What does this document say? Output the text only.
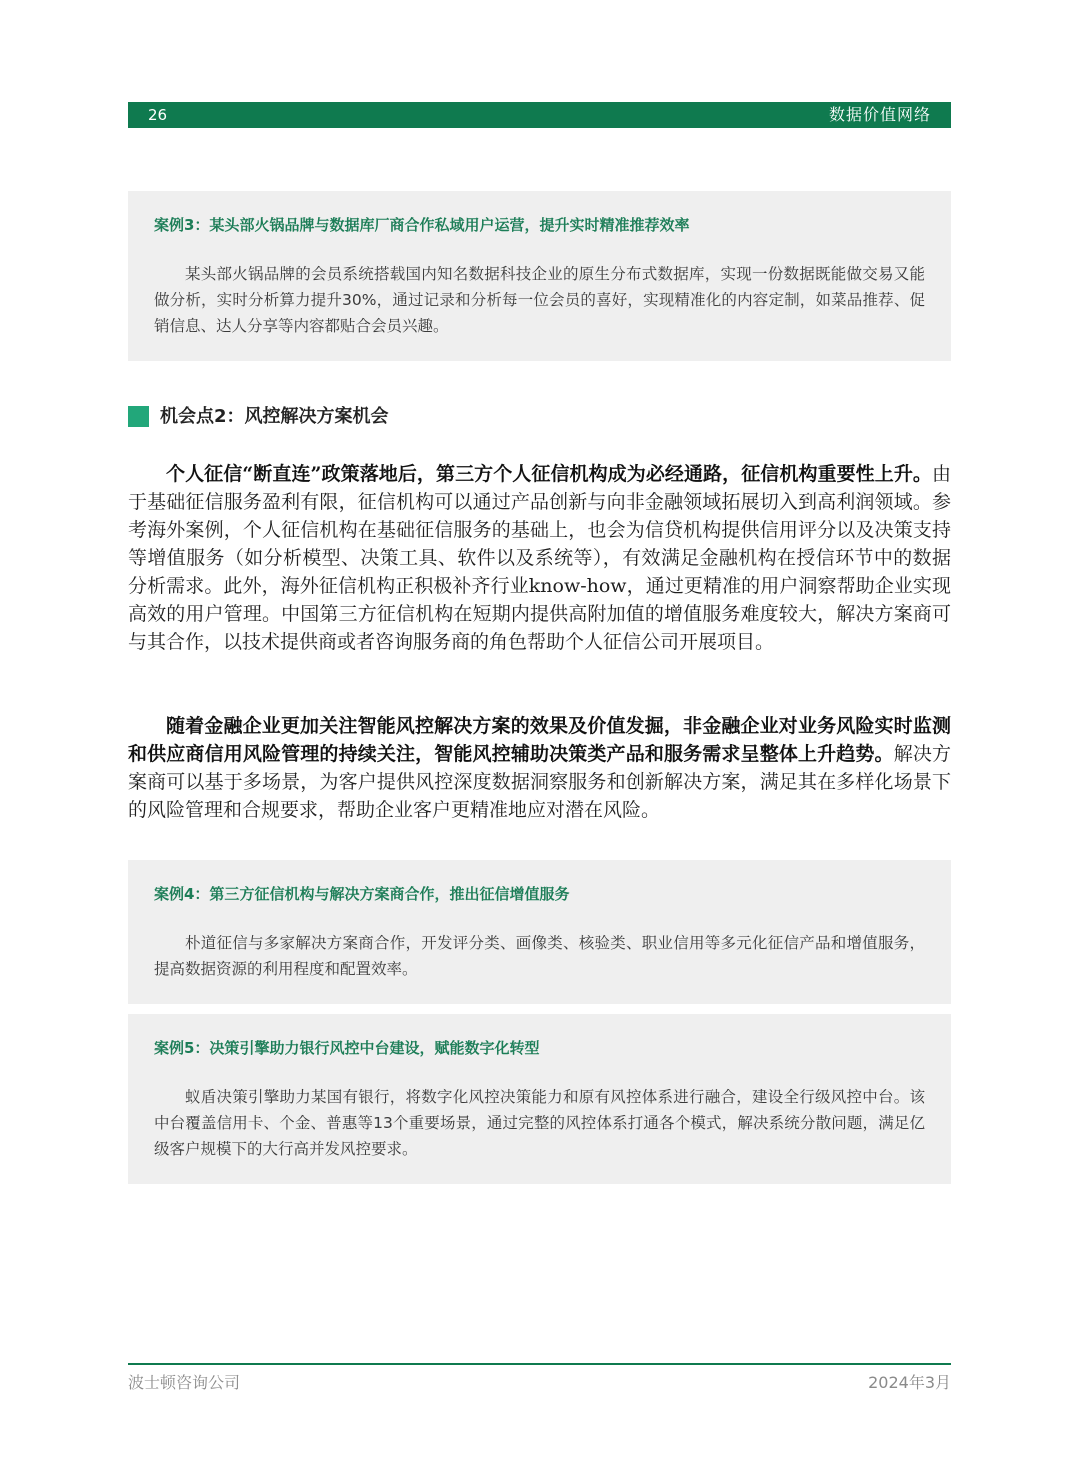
26	数据价值网络
案例3：某头部火锅品牌与数据库厂商合作私域用户运营，提升实时精准推荐效率
某头部火锅品牌的会员系统搭载国内知名数据科技企业的原生分布式数据库，实现一份数据既能做交易又能做分析，实时分析算力提升30%，通过记录和分析每一位会员的喜好，实现精准化的内容定制，如菜品推荐、促销信息、达人分享等内容都贴合会员兴趣。
机会点2：风控解决方案机会

个人征信“断直连”政策落地后，第三方个人征信机构成为必经通路，征信机构重要性上升。由于基础征信服务盈利有限，征信机构可以通过产品创新与向非金融领域拓展切入到高利润领域。参考海外案例，个人征信机构在基础征信服务的基础上，也会为信贷机构提供信用评分以及决策支持等增值服务（如分析模型、决策工具、软件以及系统等），有效满足金融机构在授信环节中的数据分析需求。此外，海外征信机构正积极补齐行业know-how，通过更精准的用户洞察帮助企业实现高效的用户管理。中国第三方征信机构在短期内提供高附加值的增值服务难度较大，解决方案商可与其合作，以技术提供商或者咨询服务商的角色帮助个人征信公司开展项目。

随着金融企业更加关注智能风控解决方案的效果及价值发掘，非金融企业对业务风险实时监测和供应商信用风险管理的持续关注，智能风控辅助决策类产品和服务需求呈整体上升趋势。解决方案商可以基于多场景，为客户提供风控深度数据洞察服务和创新解决方案，满足其在多样化场景下的风险管理和合规要求，帮助企业客户更精准地应对潜在风险。

案例4：第三方征信机构与解决方案商合作，推出征信增值服务
朴道征信与多家解决方案商合作，开发评分类、画像类、核验类、职业信用等多元化征信产品和增值服务，提高数据资源的利用程度和配置效率。
案例5：决策引擎助力银行风控中台建设，赋能数字化转型
蚁盾决策引擎助力某国有银行，将数字化风控决策能力和原有风控体系进行融合，建设全行级风控中台。该中台覆盖信用卡、个金、普惠等13个重要场景，通过完整的风控体系打通各个模式，解决系统分散问题，满足亿级客户规模下的大行高并发风控要求。
波士顿咨询公司	2024年3月
